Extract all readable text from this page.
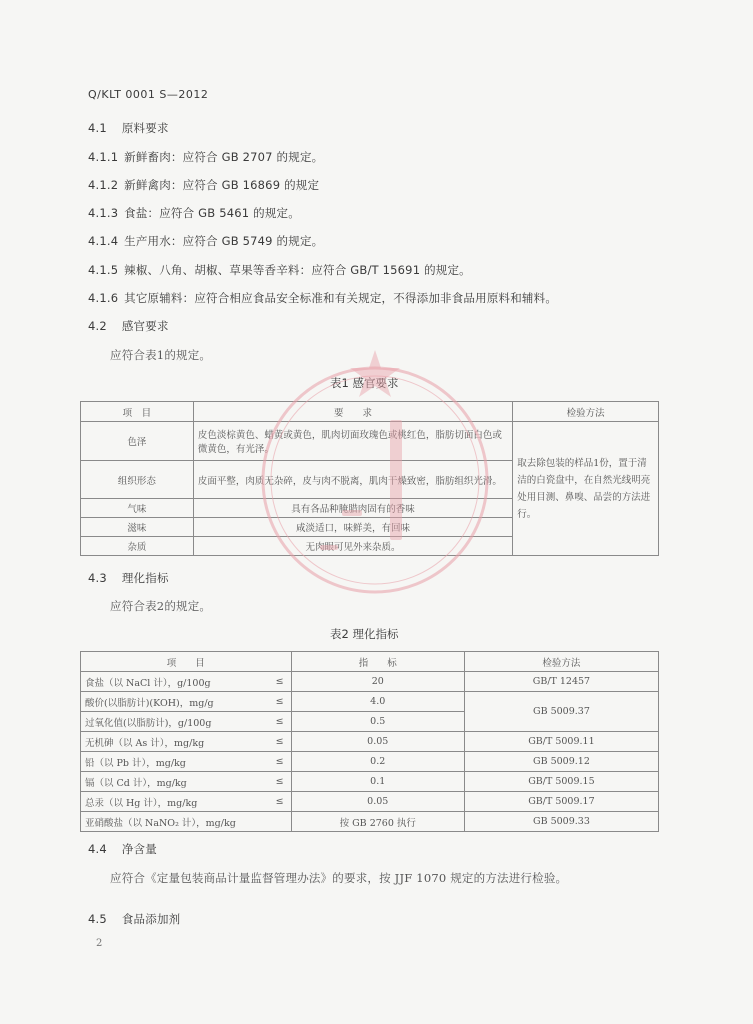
Q/KLT 0001 S—2012
4.1 原料要求
4.1.1 新鲜畜肉：应符合 GB 2707 的规定。
4.1.2 新鲜禽肉：应符合 GB 16869 的规定
4.1.3 食盐：应符合 GB 5461 的规定。
4.1.4 生产用水：应符合 GB 5749 的规定。
4.1.5 辣椒、八角、胡椒、草果等香辛料：应符合 GB/T 15691 的规定。
4.1.6 其它原辅料：应符合相应食品安全标准和有关规定，不得添加非食品用原料和辅料。
4.2 感官要求
应符合表1的规定。
表1 感官要求
项　目	要　　求	检验方法
色泽	皮色淡棕黄色、蜡黄或黄色，肌肉切面玫瑰色或桃红色，脂肪切面白色或微黄色，有光泽。	取去除包装的样品1份，置于清洁的白瓷盘中，在自然光线明亮处用目测、鼻嗅、品尝的方法进行。
组织形态	皮面平整，肉质无杂碎，皮与肉不脱离，肌肉干燥致密，脂肪组织光滑。	
气味	具有各品种腌腊肉固有的香味	
滋味	咸淡适口，味鲜美，有回味	
杂质	无肉眼可见外来杂质。	
4.3 理化指标
应符合表2的规定。
表2 理化指标
项　　目		指　　标	检验方法
食盐（以 NaCl 计），g/100g	≤	20	GB/T 12457
酸价(以脂肪计)(KOH)，mg/g	≤	4.0	GB 5009.37
过氧化值(以脂肪计)，g/100g	≤	0.5	
无机砷（以 As 计），mg/kg	≤	0.05	GB/T 5009.11
铅（以 Pb 计），mg/kg	≤	0.2	GB 5009.12
镉（以 Cd 计），mg/kg	≤	0.1	GB/T 5009.15
总汞（以 Hg 计），mg/kg	≤	0.05	GB/T 5009.17
亚硝酸盐（以 NaNO₂ 计），mg/kg		按 GB 2760 执行	GB 5009.33
4.4 净含量
应符合《定量包装商品计量监督管理办法》的要求，按 JJF 1070 规定的方法进行检验。
4.5 食品添加剂
2
